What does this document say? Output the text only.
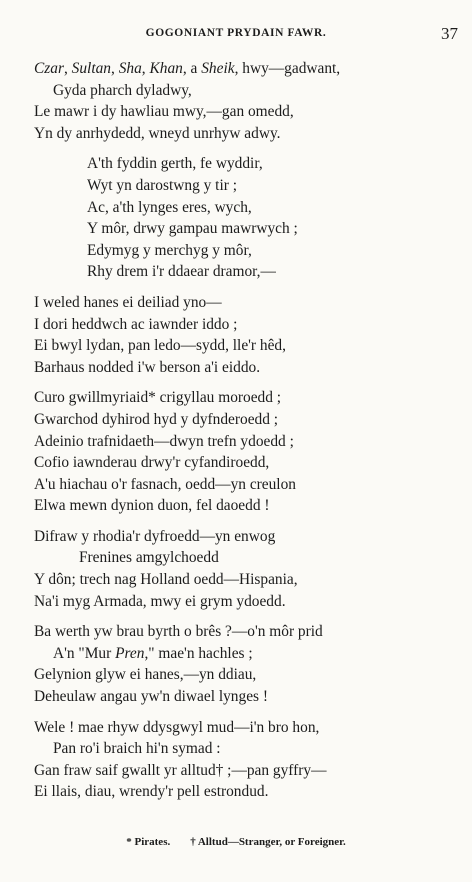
GOGONIANT PRYDAIN FAWR.	37
Czar, Sultan, Sha, Khan, a Sheik, hwy—gadwant,
Gyda pharch dyladwy,
Le mawr i dy hawliau mwy,—gan omedd,
Yn dy anrhydedd, wneyd unrhyw adwy.
A'th fyddin gerth, fe wyddir,
Wyt yn darostwng y tir ;
Ac, a'th lynges eres, wych,
Y môr, drwy gampau mawrwych ;
Edymyg y merchyg y môr,
Rhy drem i'r ddaear dramor,—
I weled hanes ei deiliad yno—
I dori heddwch ac iawnder iddo ;
Ei bwyl lydan, pan ledo—sydd, lle'r hêd,
Barhaus nodded i'w berson a'i eiddo.
Curo gwillmyriaid* crigyllau moroedd ;
Gwarchod dyhirod hyd y dyfnderoedd ;
Adeinio trafnidaeth—dwyn trefn ydoedd ;
Cofio iawnderau drwy'r cyfandiroedd,
A'u hiachau o'r fasnach, oedd—yn creulon
Elwa mewn dynion duon, fel daoedd !
Difraw y rhodia'r dyfroedd—yn enwog
Frenines amgylchoedd
Y dôn; trech nag Holland oedd—Hispania,
Na'i myg Armada, mwy ei grym ydoedd.
Ba werth yw brau byrth o brês ?—o'n môr prid
A'n "Mur Pren," mae'n hachles ;
Gelynion glyw ei hanes,—yn ddiau,
Deheulaw angau yw'n diwael lynges !
Wele ! mae rhyw ddysgwyl mud—i'n bro hon,
Pan ro'i braich hi'n symad :
Gan fraw saif gwallt yr alltud† ;—pan gyffry—
Ei llais, diau, wrendy'r pell estrondud.
* Pirates. † Alltud—Stranger, or Foreigner.
